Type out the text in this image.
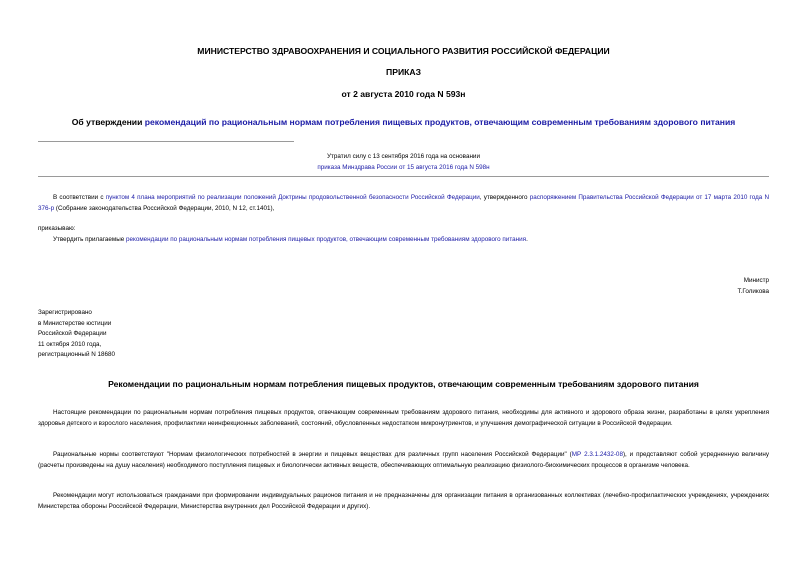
МИНИСТЕРСТВО ЗДРАВООХРАНЕНИЯ И СОЦИАЛЬНОГО РАЗВИТИЯ РОССИЙСКОЙ ФЕДЕРАЦИИ
ПРИКАЗ
от 2 августа 2010 года N 593н
Об утверждении рекомендаций по рациональным нормам потребления пищевых продуктов, отвечающим современным требованиям здорового питания
Утратил силу с 13 сентября 2016 года на основании
приказа Минздрава России от 15 августа 2016 года N 598н
В соответствии с пунктом 4 плана мероприятий по реализации положений Доктрины продовольственной безопасности Российской Федерации, утвержденного распоряжением Правительства Российской Федерации от 17 марта 2010 года N 376-р (Собрание законодательства Российской Федерации, 2010, N 12, ст.1401),
приказываю:
Утвердить прилагаемые рекомендации по рациональным нормам потребления пищевых продуктов, отвечающим современным требованиям здорового питания.
Министр
Т.Голикова
Зарегистрировано
в Министерстве юстиции
Российской Федерации
11 октября 2010 года,
регистрационный N 18680
Рекомендации по рациональным нормам потребления пищевых продуктов, отвечающим современным требованиям здорового питания
Настоящие рекомендации по рациональным нормам потребления пищевых продуктов, отвечающим современным требованиям здорового питания, необходимы для активного и здорового образа жизни, разработаны в целях укрепления здоровья детского и взрослого населения, профилактики неинфекционных заболеваний, состояний, обусловленных недостатком микронутриентов, и улучшения демографической ситуации в Российской Федерации.
Рациональные нормы соответствуют "Нормам физиологических потребностей в энергии и пищевых веществах для различных групп населения Российской Федерации" (МР 2.3.1.2432-08), и представляют собой усредненную величину (расчеты произведены на душу населения) необходимого поступления пищевых и биологически активных веществ, обеспечивающих оптимальную реализацию физиолого-биохимических процессов в организме человека.
Рекомендации могут использоваться гражданами при формировании индивидуальных рационов питания и не предназначены для организации питания в организованных коллективах (лечебно-профилактических учреждениях, учреждениях Министерства обороны Российской Федерации, Министерства внутренних дел Российской Федерации и других).
